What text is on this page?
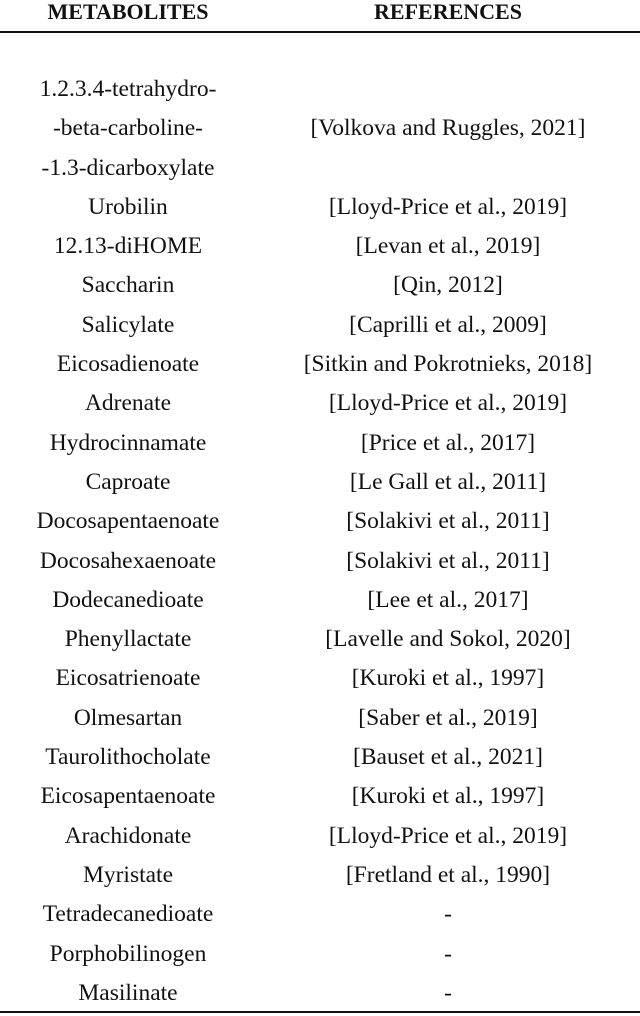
METABOLITES	REFERENCES
1.2.3.4-tetrahydro-
-beta-carboline-
-1.3-dicarboxylate
[Volkova and Ruggles, 2021]
Urobilin	[Lloyd-Price et al., 2019]
12.13-diHOME	[Levan et al., 2019]
Saccharin	[Qin, 2012]
Salicylate	[Caprilli et al., 2009]
Eicosadienoate	[Sitkin and Pokrotnieks, 2018]
Adrenate	[Lloyd-Price et al., 2019]
Hydrocinnamate	[Price et al., 2017]
Caproate	[Le Gall et al., 2011]
Docosapentaenoate	[Solakivi et al., 2011]
Docosahexaenoate	[Solakivi et al., 2011]
Dodecanedioate	[Lee et al., 2017]
Phenyllactate	[Lavelle and Sokol, 2020]
Eicosatrienoate	[Kuroki et al., 1997]
Olmesartan	[Saber et al., 2019]
Taurolithocholate	[Bauset et al., 2021]
Eicosapentaenoate	[Kuroki et al., 1997]
Arachidonate	[Lloyd-Price et al., 2019]
Myristate	[Fretland et al., 1990]
Tetradecanedioate	-
Porphobilinogen	-
Masilinate	-
